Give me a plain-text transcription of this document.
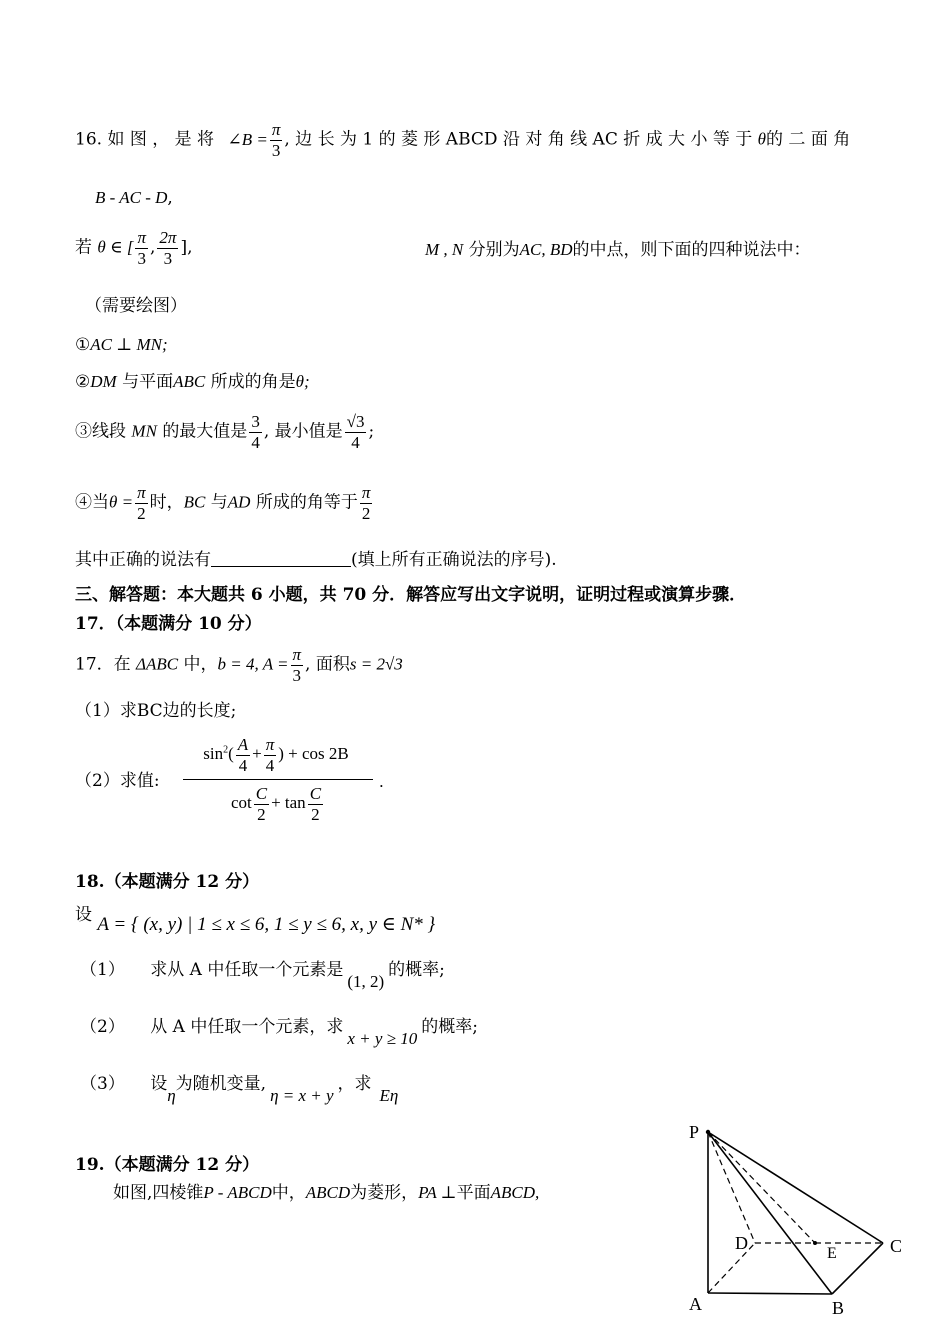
16. 如 图 ， 是 将 ∠B = $\frac{\pi}{3}$ , 边 长 为 1 的 菱 形 ABCD 沿 对 角 线 AC 折 成 大 小 等 于 θ的 二 面 角
B - AC - D,
若 θ ∈ [ $\frac{\pi}{3}$ , $\frac{2\pi}{3}$ ],	M , N 分别为AC, BD的中点，则下面的四种说法中：
（需要绘图）
①AC ⊥ MN;
②DM 与平面ABC 所成的角是θ;
③线段 MN 的最大值是 $\frac{3}{4}$ , 最小值是 $\frac{√3}{4}$ ;
④当$\theta = \frac{\pi}{2}$ 时，BC 与AD 所成的角等于 $\frac{\pi}{2}$
其中正确的说法有	(填上所有正确说法的序号).
三、解答题：本大题共 6 小题，共 70 分．解答应写出文字说明，证明过程或演算步骤．
17．（本题满分 10 分）
17．在 ΔABC 中，b = 4, $A = \frac{\pi}{3}$ , 面积s = 2√3
（1）求BC边的长度;
（2）求值: $\frac{\sin^2( \frac{A}{4} + \frac{\pi}{4} ) + \cos 2B}{\cot \frac{C}{2} + \tan \frac{C}{2}}$ .
18.（本题满分 12 分）
设 A = { (x, y) | 1 ≤ x ≤ 6, 1 ≤ y ≤ 6, x, y ∈ N* }
（1） 求从 A 中任取一个元素是(1, 2)的概率;
（2） 从 A 中任取一个元素，求x + y ≥ 10的概率;
（3） 设η为随机变量,η = x + y，求Eη
19.（本题满分 12 分）
如图,四棱锥P - ABCD中，ABCD为菱形，PA ⊥平面ABCD,
P
A	B
C
D
E
